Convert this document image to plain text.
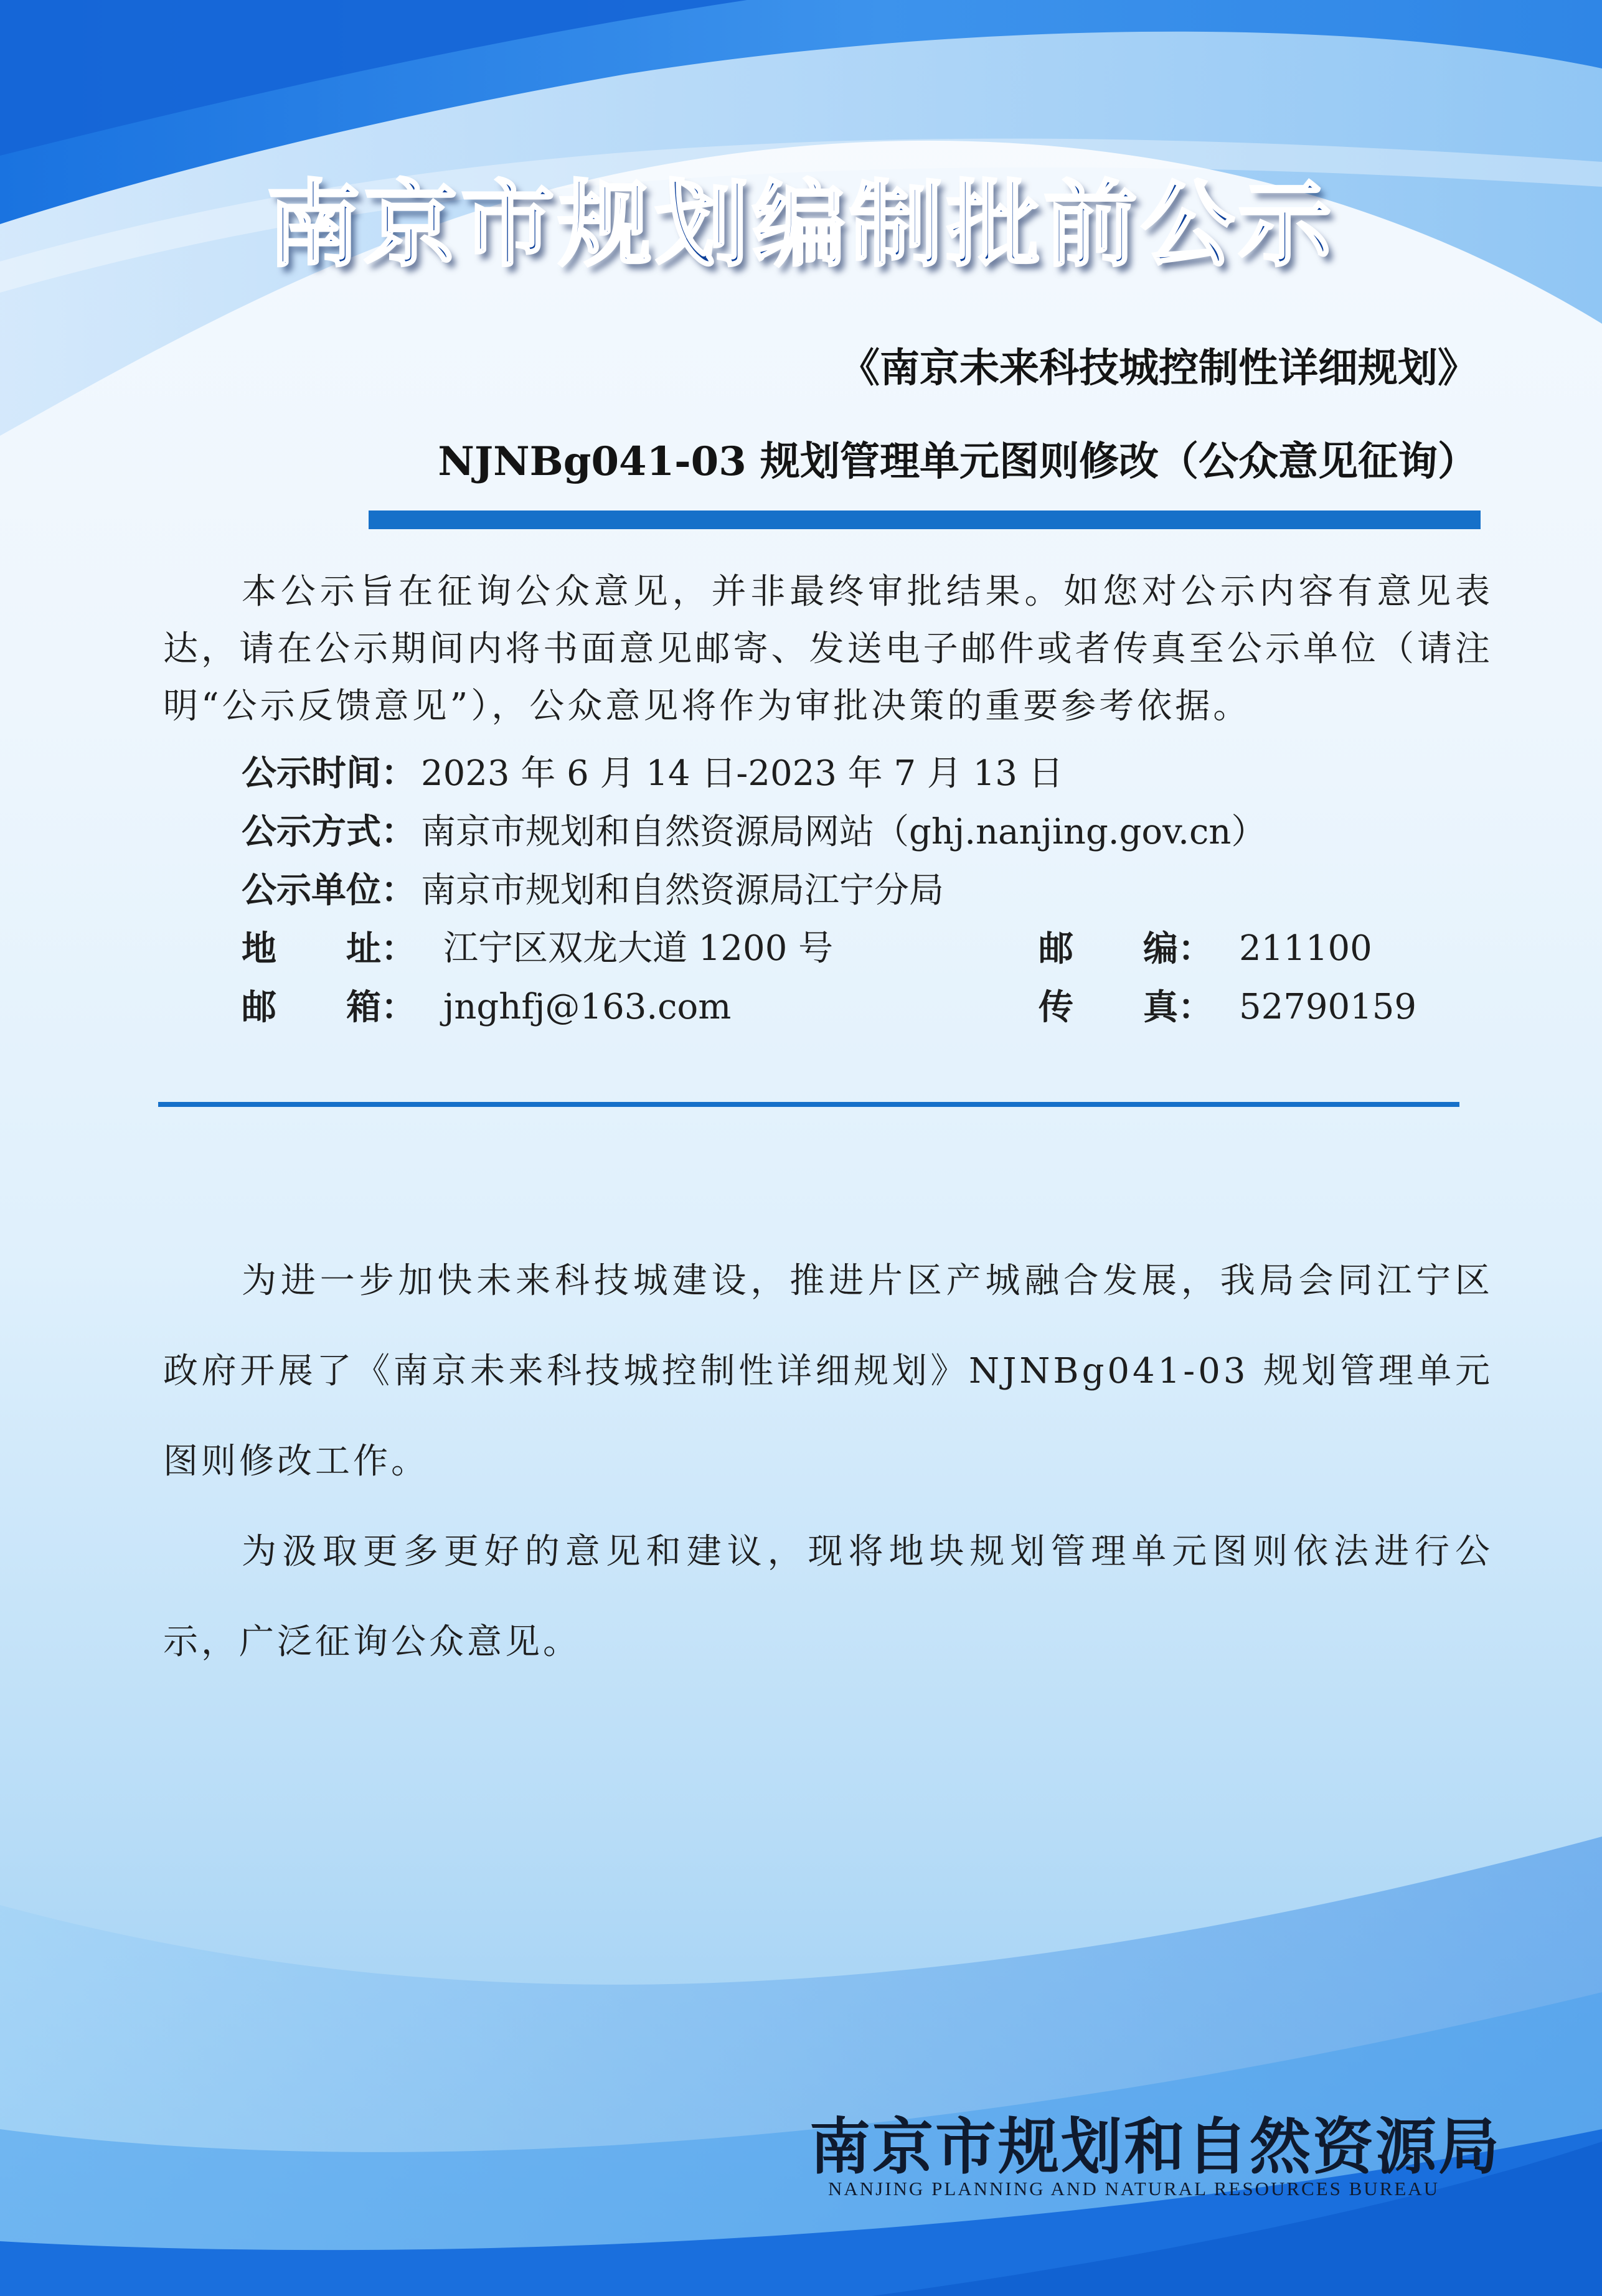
南京市规划编制批前公示
《南京未来科技城控制性详细规划》
NJNBg041-03 规划管理单元图则修改（公众意见征询）
本公示旨在征询公众意见，并非最终审批结果。如您对公示内容有意见表达，请在公示期间内将书面意见邮寄、发送电子邮件或者传真至公示单位（请注明“公示反馈意见”），公众意见将作为审批决策的重要参考依据。
公示时间： 2023 年 6 月 14 日-2023 年 7 月 13 日
公示方式： 南京市规划和自然资源局网站（ghj.nanjing.gov.cn）
公示单位： 南京市规划和自然资源局江宁分局
地　　址： 江宁区双龙大道 1200 号	邮　　编： 211100
邮　　箱： jnghfj@163.com	传　　真： 52790159

为进一步加快未来科技城建设，推进片区产城融合发展，我局会同江宁区政府开展了《南京未来科技城控制性详细规划》NJNBg041-03 规划管理单元图则修改工作。

为汲取更多更好的意见和建议，现将地块规划管理单元图则依法进行公示，广泛征询公众意见。

南京市规划和自然资源局
NANJING PLANNING AND NATURAL RESOURCES BUREAU
